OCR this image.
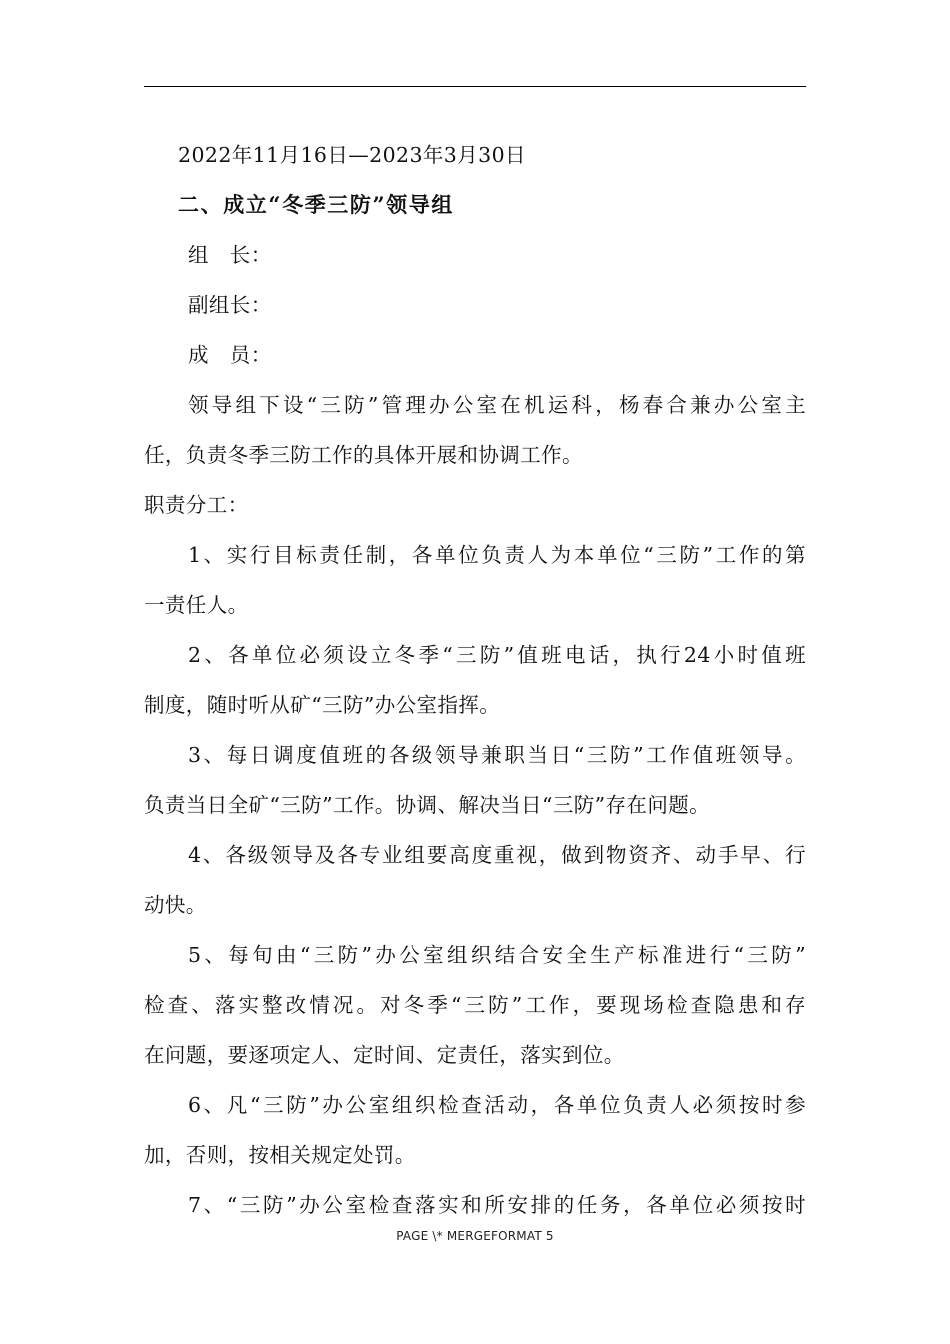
2022年11月16日—2023年3月30日
二、成立“冬季三防”领导组
组　长：
副组长：
成　员：
领导组下设“三防”管理办公室在机运科，杨春合兼办公室主
任，负责冬季三防工作的具体开展和协调工作。
职责分工：
1、实行目标责任制，各单位负责人为本单位“三防”工作的第
一责任人。
2、各单位必须设立冬季“三防”值班电话，执行24小时值班
制度，随时听从矿“三防”办公室指挥。
3、每日调度值班的各级领导兼职当日“三防”工作值班领导。
负责当日全矿“三防”工作。协调、解决当日“三防”存在问题。
4、各级领导及各专业组要高度重视，做到物资齐、动手早、行
动快。
5、每旬由“三防”办公室组织结合安全生产标准进行“三防”
检查、落实整改情况。对冬季“三防”工作，要现场检查隐患和存
在问题，要逐项定人、定时间、定责任，落实到位。
6、凡“三防”办公室组织检查活动，各单位负责人必须按时参
加，否则，按相关规定处罚。
7、“三防”办公室检查落实和所安排的任务，各单位必须按时
PAGE \* MERGEFORMAT 5
